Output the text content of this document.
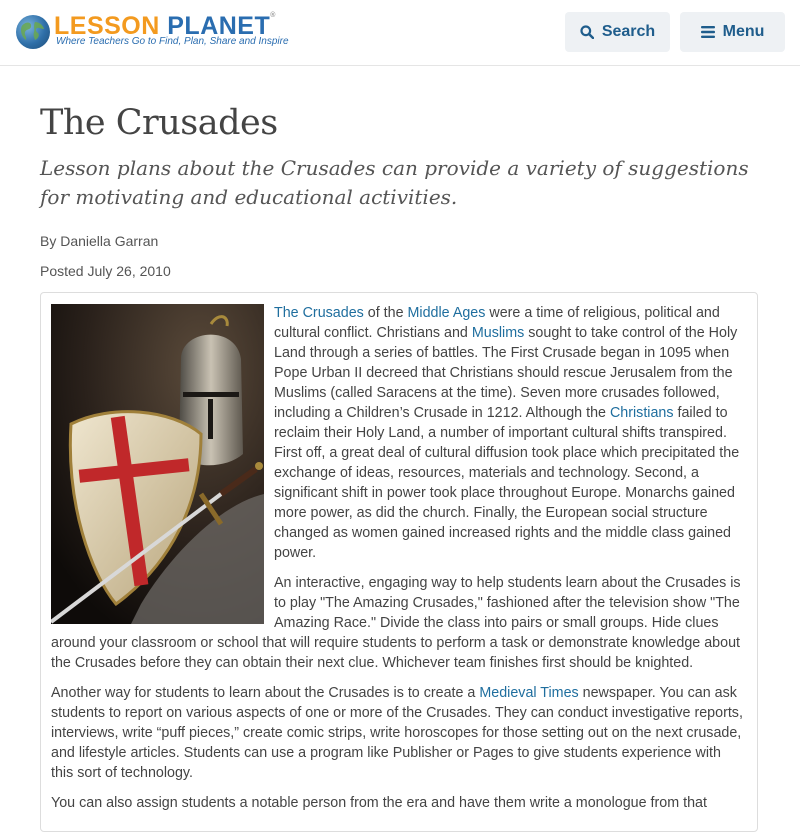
LESSON PLANET®
Where Teachers Go to Find, Plan, Share and Inspire
Search	Menu
The Crusades

Lesson plans about the Crusades can provide a variety of suggestions for motivating and educational activities.

By Daniella Garran
Posted July 26, 2010

The Crusades of the Middle Ages were a time of religious, political and cultural conflict. Christians and Muslims sought to take control of the Holy Land through a series of battles. The First Crusade began in 1095 when Pope Urban II decreed that Christians should rescue Jerusalem from the Muslims (called Saracens at the time). Seven more crusades followed, including a Children’s Crusade in 1212. Although the Christians failed to reclaim their Holy Land, a number of important cultural shifts transpired. First off, a great deal of cultural diffusion took place which precipitated the exchange of ideas, resources, materials and technology. Second, a significant shift in power took place throughout Europe. Monarchs gained more power, as did the church. Finally, the European social structure changed as women gained increased rights and the middle class gained power.

An interactive, engaging way to help students learn about the Crusades is to play "The Amazing Crusades," fashioned after the television show "The Amazing Race." Divide the class into pairs or small groups. Hide clues around your classroom or school that will require students to perform a task or demonstrate knowledge about the Crusades before they can obtain their next clue. Whichever team finishes first should be knighted.

Another way for students to learn about the Crusades is to create a Medieval Times newspaper. You can ask students to report on various aspects of one or more of the Crusades. They can conduct investigative reports, interviews, write “puff pieces,” create comic strips, write horoscopes for those setting out on the next crusade, and lifestyle articles. Students can use a program like Publisher or Pages to give students experience with this sort of technology.

You can also assign students a notable person from the era and have them write a monologue from that
